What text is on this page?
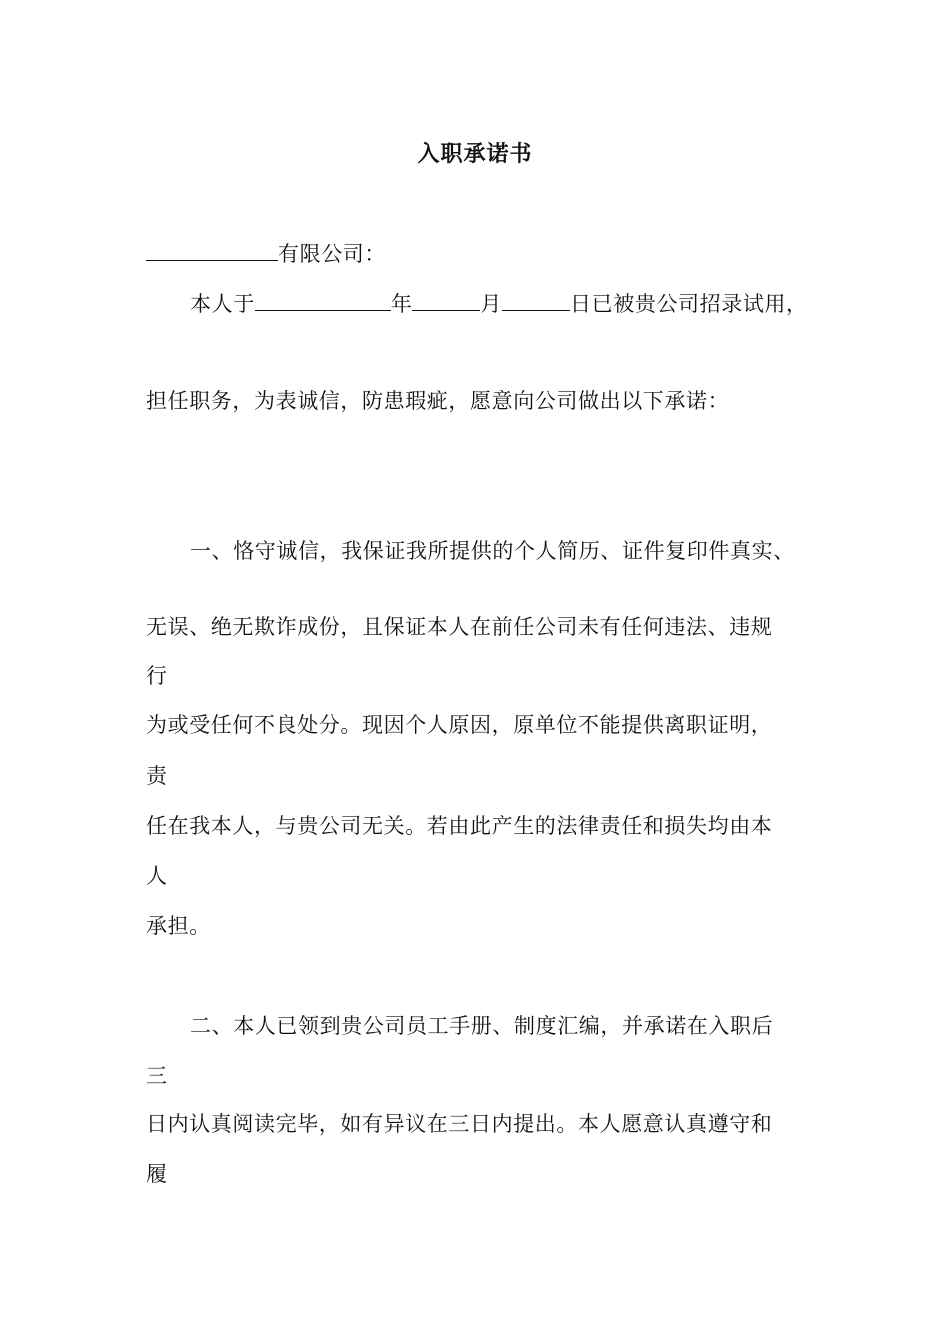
入职承诺书
有限公司：
本人于	年	月	日已被贵公司招录试用，
担任职务，为表诚信，防患瑕疵，愿意向公司做出以下承诺：
一、恪守诚信，我保证我所提供的个人简历、证件复印件真实、
无误、绝无欺诈成份，且保证本人在前任公司未有任何违法、违规
行
为或受任何不良处分。现因个人原因，原单位不能提供离职证明，
责
任在我本人，与贵公司无关。若由此产生的法律责任和损失均由本
人
承担。
二、本人已领到贵公司员工手册、制度汇编，并承诺在入职后
三
日内认真阅读完毕，如有异议在三日内提出。本人愿意认真遵守和
履
